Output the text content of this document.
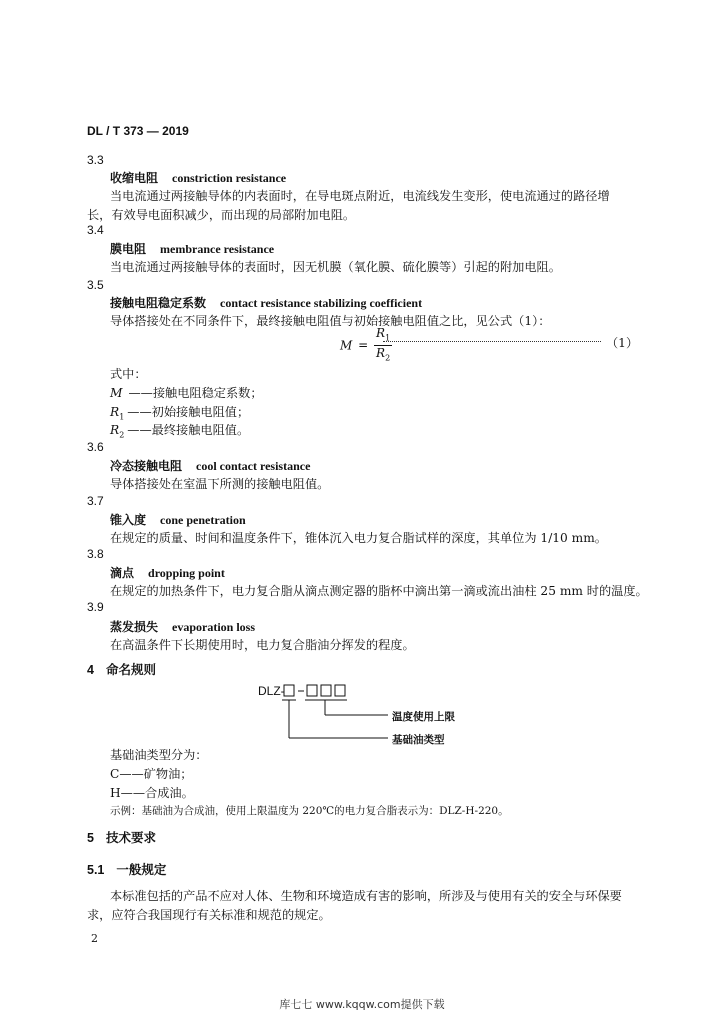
DL / T 373 — 2019
3.3
收缩电阻 constriction resistance
当电流通过两接触导体的内表面时，在导电斑点附近，电流线发生变形，使电流通过的路径增
长，有效导电面积减少，而出现的局部附加电阻。
3.4
膜电阻 membrance resistance
当电流通过两接触导体的表面时，因无机膜（氧化膜、硫化膜等）引起的附加电阻。
3.5
接触电阻稳定系数 contact resistance stabilizing coefficient
导体搭接处在不同条件下，最终接触电阻值与初始接触电阻值之比，见公式（1）：
$M = \frac{R_1}{R_2}$	（1）
式中：
M ——接触电阻稳定系数；
$R_1$ ——初始接触电阻值；
$R_2$ ——最终接触电阻值。
3.6
冷态接触电阻 cool contact resistance
导体搭接处在室温下所测的接触电阻值。
3.7
锥入度 cone penetration
在规定的质量、时间和温度条件下，锥体沉入电力复合脂试样的深度，其单位为 1/10 mm。
3.8
滴点 dropping point
在规定的加热条件下，电力复合脂从滴点测定器的脂杯中滴出第一滴或流出油柱 25 mm 时的温度。
3.9
蒸发损失 evaporation loss
在高温条件下长期使用时，电力复合脂油分挥发的程度。
4 命名规则
DLZ-
温度使用上限
基础油类型
基础油类型分为：
C——矿物油；
H——合成油。
示例：基础油为合成油，使用上限温度为 220℃的电力复合脂表示为：DLZ-H-220。
5 技术要求
5.1 一般规定
本标准包括的产品不应对人体、生物和环境造成有害的影响，所涉及与使用有关的安全与环保要
求，应符合我国现行有关标准和规范的规定。
2
库七七 www.kqqw.com提供下载
